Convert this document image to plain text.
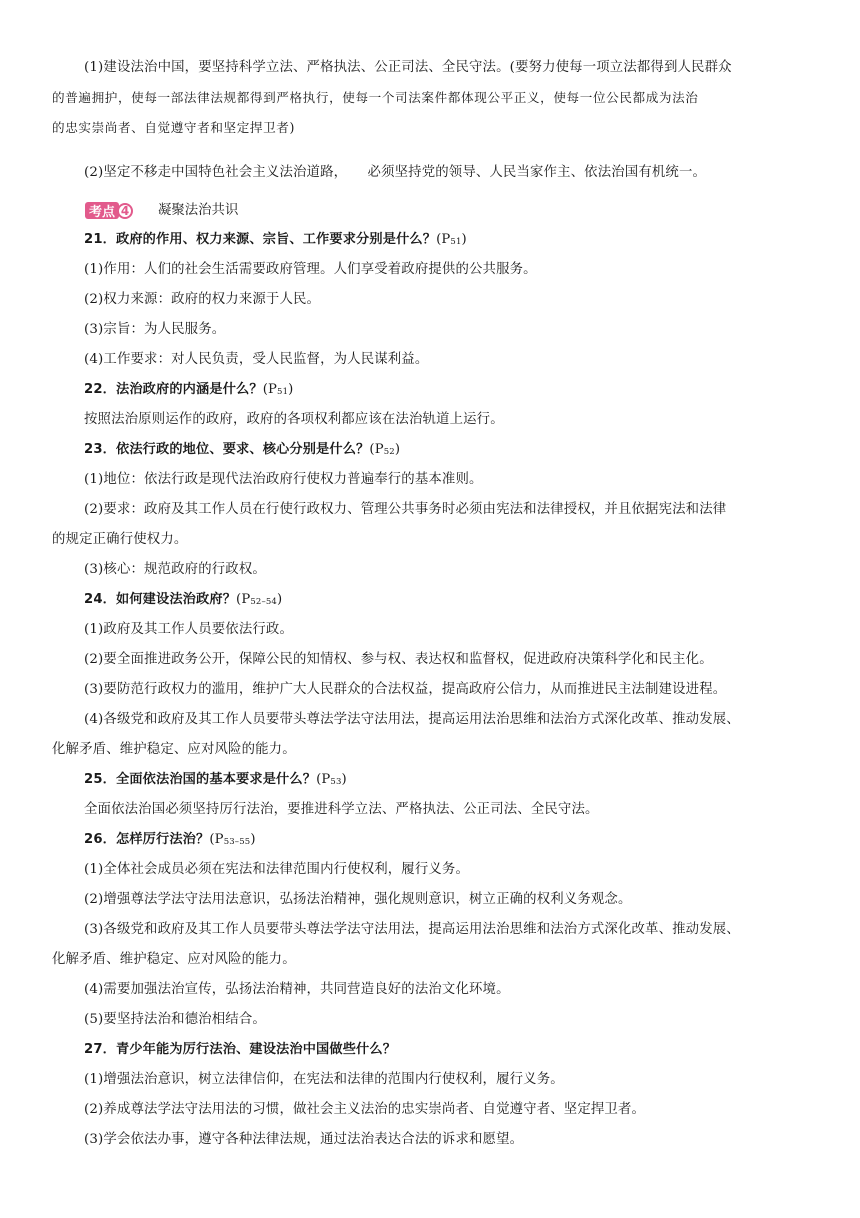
(1)建设法治中国，要坚持科学立法、严格执法、公正司法、全民守法。(要努力使每一项立法都得到人民群众
的普遍拥护，使每一部法律法规都得到严格执行，使每一个司法案件都体现公平正义，使每一位公民都成为法治
的忠实崇尚者、自觉遵守者和坚定捍卫者)
(2)坚定不移走中国特色社会主义法治道路，　　必须坚持党的领导、人民当家作主、依法治国有机统一。
考点 4 凝聚法治共识
21．政府的作用、权力来源、宗旨、工作要求分别是什么？$(P_{51})$
(1)作用：人们的社会生活需要政府管理。人们享受着政府提供的公共服务。
(2)权力来源：政府的权力来源于人民。
(3)宗旨：为人民服务。
(4)工作要求：对人民负责，受人民监督，为人民谋利益。
22．法治政府的内涵是什么？$(P_{51})$
按照法治原则运作的政府，政府的各项权利都应该在法治轨道上运行。
23．依法行政的地位、要求、核心分别是什么？$(P_{52})$
(1)地位：依法行政是现代法治政府行使权力普遍奉行的基本准则。
(2)要求：政府及其工作人员在行使行政权力、管理公共事务时必须由宪法和法律授权，并且依据宪法和法律
的规定正确行使权力。
(3)核心：规范政府的行政权。
24．如何建设法治政府？$(P_{52-54})$
(1)政府及其工作人员要依法行政。
(2)要全面推进政务公开，保障公民的知情权、参与权、表达权和监督权，促进政府决策科学化和民主化。
(3)要防范行政权力的滥用，维护广大人民群众的合法权益，提高政府公信力，从而推进民主法制建设进程。
(4)各级党和政府及其工作人员要带头尊法学法守法用法，提高运用法治思维和法治方式深化改革、推动发展、
化解矛盾、维护稳定、应对风险的能力。
25．全面依法治国的基本要求是什么？$(P_{53})$
全面依法治国必须坚持厉行法治，要推进科学立法、严格执法、公正司法、全民守法。
26．怎样厉行法治？$(P_{53-55})$
(1)全体社会成员必须在宪法和法律范围内行使权利，履行义务。
(2)增强尊法学法守法用法意识，弘扬法治精神，强化规则意识，树立正确的权利义务观念。
(3)各级党和政府及其工作人员要带头尊法学法守法用法，提高运用法治思维和法治方式深化改革、推动发展、
化解矛盾、维护稳定、应对风险的能力。
(4)需要加强法治宣传，弘扬法治精神，共同营造良好的法治文化环境。
(5)要坚持法治和德治相结合。
27．青少年能为厉行法治、建设法治中国做些什么？
(1)增强法治意识，树立法律信仰，在宪法和法律的范围内行使权利，履行义务。
(2)养成尊法学法守法用法的习惯，做社会主义法治的忠实崇尚者、自觉遵守者、坚定捍卫者。
(3)学会依法办事，遵守各种法律法规，通过法治表达合法的诉求和愿望。
